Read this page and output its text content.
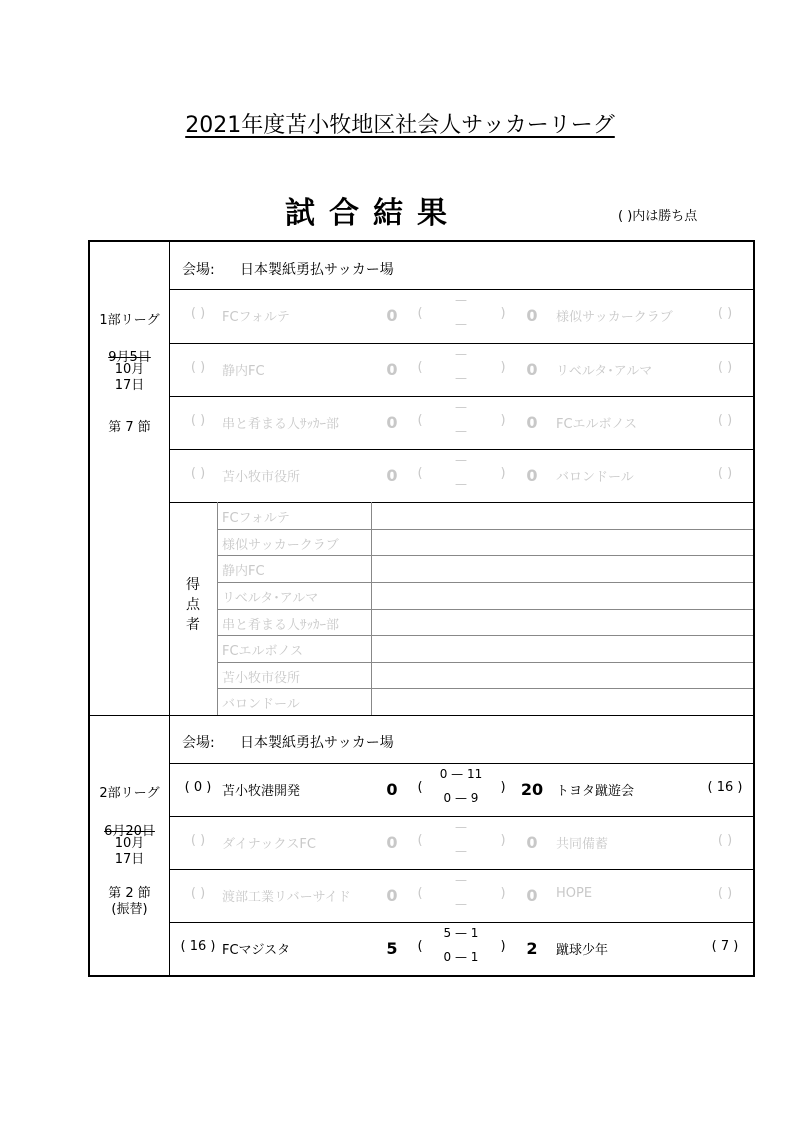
2021年度苫小牧地区社会人サッカーリーグ
試合結果	( )内は勝ち点
1部リーグ
9月5日
10月17日
第 7 節
会場: 日本製紙勇払サッカー場
( )	FCフォルテ	0	(	)	0	様似サッカークラブ	( )
—
—
( )	静内FC	0	(	)	0	リベルタ･アルマ	( )
—
—
( )	串と肴まる人ｻｯｶｰ部	0	(	)	0	FCエルボノス	( )
—
—
( )	苫小牧市役所	0	(	)	0	バロンドール	( )
—
—
得点者
FCフォルテ
様似サッカークラブ
静内FC
リベルタ･アルマ
串と肴まる人ｻｯｶｰ部
FCエルボノス
苫小牧市役所
バロンドール
2部リーグ
6月20日
10月17日
第 2 節
(振替)
会場: 日本製紙勇払サッカー場
( 0 ) 苫小牧港開発	0	(	) 20 トヨタ蹴遊会	( 16 )
0 — 11
0 — 9
( )	ダイナックスFC	0	(	)	0	共同備蓄	( )
—
—
( )	渡部工業リバーサイド	0	(	)	0	HOPE	( )
—
—
( 16 ) FCマジスタ	5	(	)	2	蹴球少年	( 7 )
5 — 1
0 — 1
